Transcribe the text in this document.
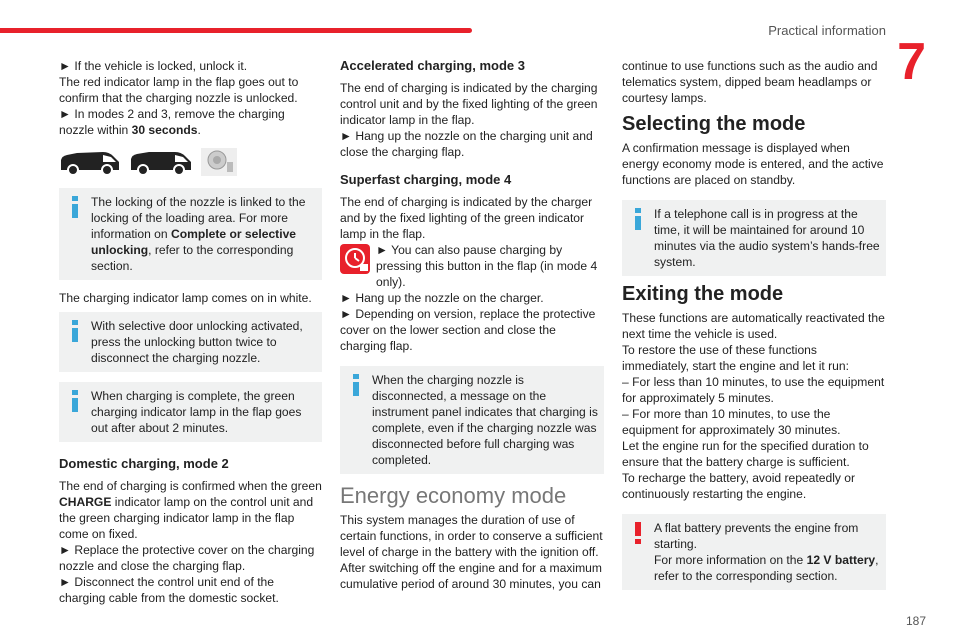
Practical information
7
187

► If the vehicle is locked, unlock it.

The red indicator lamp in the flap goes out to confirm that the charging nozzle is unlocked.

► In modes 2 and 3, remove the charging nozzle within 30 seconds.

The locking of the nozzle is linked to the locking of the loading area. For more information on Complete or selective unlocking, refer to the corresponding section.

The charging indicator lamp comes on in white.

With selective door unlocking activated, press the unlocking button twice to disconnect the charging nozzle.

When charging is complete, the green charging indicator lamp in the flap goes out after about 2 minutes.

Domestic charging, mode 2

The end of charging is confirmed when the green CHARGE indicator lamp on the control unit and the green charging indicator lamp in the flap come on fixed.

► Replace the protective cover on the charging nozzle and close the charging flap.

► Disconnect the control unit end of the charging cable from the domestic socket.

Accelerated charging, mode 3

The end of charging is indicated by the charging control unit and by the fixed lighting of the green indicator lamp in the flap.

► Hang up the nozzle on the charging unit and close the charging flap.

Superfast charging, mode 4

The end of charging is indicated by the charger and by the fixed lighting of the green indicator lamp in the flap.

► You can also pause charging by pressing this button in the flap (in mode 4 only).

► Hang up the nozzle on the charger.

► Depending on version, replace the protective cover on the lower section and close the charging flap.

When the charging nozzle is disconnected, a message on the instrument panel indicates that charging is complete, even if the charging nozzle was disconnected before full charging was completed.

Energy economy mode

This system manages the duration of use of certain functions, in order to conserve a sufficient level of charge in the battery with the ignition off. After switching off the engine and for a maximum cumulative period of around 30 minutes, you can

continue to use functions such as the audio and telematics system, dipped beam headlamps or courtesy lamps.

Selecting the mode

A confirmation message is displayed when energy economy mode is entered, and the active functions are placed on standby.

If a telephone call is in progress at the time, it will be maintained for around 10 minutes via the audio system’s hands-free system.

Exiting the mode

These functions are automatically reactivated the next time the vehicle is used.

To restore the use of these functions immediately, start the engine and let it run:

– For less than 10 minutes, to use the equipment for approximately 5 minutes.

– For more than 10 minutes, to use the equipment for approximately 30 minutes.

Let the engine run for the specified duration to ensure that the battery charge is sufficient.

To recharge the battery, avoid repeatedly or continuously restarting the engine.

A flat battery prevents the engine from starting.

For more information on the 12 V battery, refer to the corresponding section.
